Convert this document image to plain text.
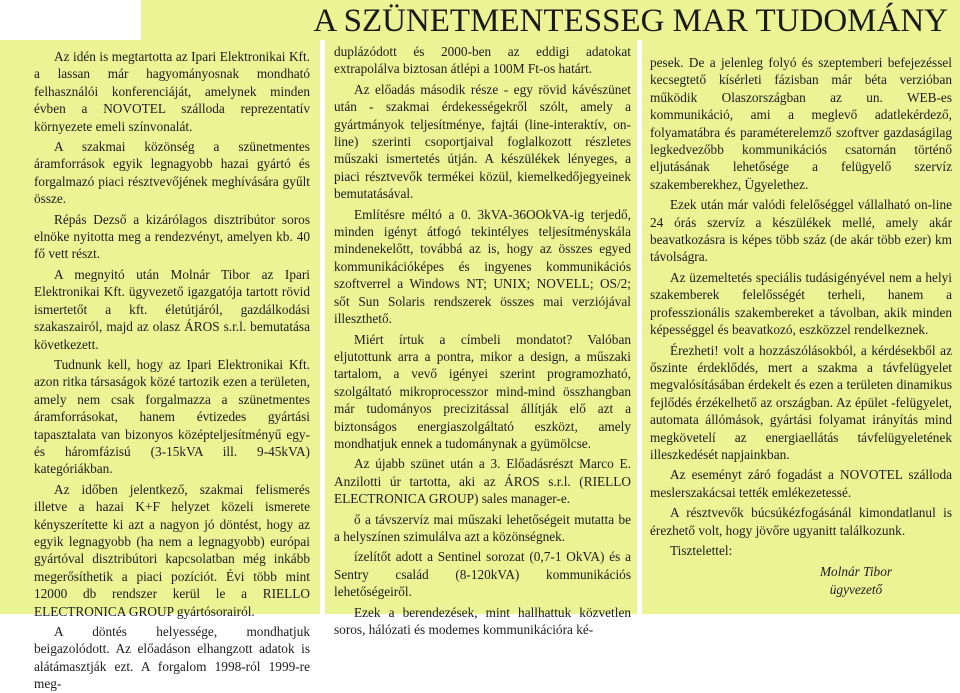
A SZÜNETMENTESSEG MAR TUDOMÁNY

Az idén is megtartotta az Ipari Elektronikai Kft. a lassan már hagyományosnak mondható felhasználói konferenciáját, amelynek minden évben a NOVOTEL szálloda reprezentatív környezete emeli színvonalát.

A szakmai közönség a szünetmentes áramforrások egyik legnagyobb hazai gyártó és forgalmazó piaci résztvevőjének meghívására gyűlt össze.

Répás Dezső a kizárólagos disztribútor soros elnöke nyitotta meg a rendezvényt, amelyen kb. 40 fő vett részt.

A megnyitó után Molnár Tibor az Ipari Elektronikai Kft. ügyvezető igazgatója tartott rövid ismertetőt a kft. életútjáról, gazdálkodási szakaszairól, majd az olasz ÁROS s.r.l. bemutatása következett.

Tudnunk kell, hogy az Ipari Elektronikai Kft. azon ritka társaságok közé tartozik ezen a területen, amely nem csak forgalmazza a szünetmentes áramforrásokat, hanem évtizedes gyártási tapasztalata van bizonyos középteljesítményű egy- és háromfázisú (3-15kVA ill. 9-45kVA) kategóriákban.

Az időben jelentkező, szakmai felismerés illetve a hazai K+F helyzet közeli ismerete kényszerítette ki azt a nagyon jó döntést, hogy az egyik legnagyobb (ha nem a legnagyobb) európai gyártóval disztribútori kapcsolatban még inkább megerősíthetik a piaci pozíciót. Évi több mint 12000 db rendszer kerül le a RIELLO ELECTRONICA GROUP gyártósorairól.

A döntés helyessége, mondhatjuk beigazolódott. Az előadáson elhangzott adatok is alátámasztják ezt. A forgalom 1998-ról 1999-re meg-

duplázódott és 2000-ben az eddigi adatokat extrapolálva biztosan átlépi a 100M Ft-os határt.

Az előadás második része - egy rövid kávészünet után - szakmai érdekességekről szólt, amely a gyártmányok teljesítménye, fajtái (line-interaktív, on-line) szerinti csoportjaival foglalkozott részletes műszaki ismertetés útján. A készülékek lényeges, a piaci résztvevők termékei közül, kiemelkedőjegyeinek bemutatásával.

Említésre méltó a 0. 3kVA-36OOkVA-ig terjedő, minden igényt átfogó tekintélyes teljesítményskála mindenekelőtt, továbbá az is, hogy az összes egyed kommunikációképes és ingyenes kommunikációs szoftverrel a Windows NT; UNIX; NOVELL; OS/2; sőt Sun Solaris rendszerek összes mai verziójával illeszthető.

Miért írtuk a címbeli mondatot? Valóban eljutottunk arra a pontra, mikor a design, a műszaki tartalom, a vevő igényei szerint programozható, szolgáltató mikroprocesszor mind-mind összhangban már tudományos precizitással állítják elő azt a biztonságos energiaszolgáltató eszközt, amely mondhatjuk ennek a tudománynak a gyümölcse.

Az újabb szünet után a 3. Előadásrészt Marco E. Anzilotti úr tartotta, aki az ÁROS s.r.l. (RIELLO ELECTRONICA GROUP) sales manager-e.

ő a távszervíz mai műszaki lehetőségeit mutatta be a helyszínen szimulálva azt a közönségnek.

ízelítőt adott a Sentinel sorozat (0,7-1 OkVA) és a Sentry család (8-120kVA) kommunikációs lehetőségeiről.

Ezek a berendezések, mint hallhattuk közvetlen soros, hálózati és modemes kommunikációra ké-

pesek. De a jelenleg folyó és szeptemberi befejezéssel kecsegtető kísérleti fázisban már béta verzióban működik Olaszországban az un. WEB-es kommunikáció, ami a meglevő adatlekérdező, folyamatábra és paraméterelemző szoftver gazdaságilag legkedvezőbb kommunikációs csatornán történő eljutásának lehetősége a felügyelő szervíz szakemberekhez, Ügyelethez.

Ezek után már valódi felelőséggel vállalható on-line 24 órás szervíz a készülékek mellé, amely akár beavatkozásra is képes több száz (de akár több ezer) km távolságra.

Az üzemeltetés speciális tudásigényével nem a helyi szakemberek felelősségét terheli, hanem a professzionális szakembereket a távolban, akik minden képességgel és beavatkozó, eszközzel rendelkeznek.

Érezheti! volt a hozzászólásokból, a kérdésekből az őszinte érdeklődés, mert a szakma a távfelügyelet megvalósításában érdekelt és ezen a területen dinamikus fejlődés érzékelhető az országban. Az épület -felügyelet, automata állómások, gyártási folyamat irányítás mind megkövetelí az energiaellátás távfelügyeletének illeszkedését napjainkban.

Az eseményt záró fogadást a NOVOTEL szálloda meslerszakácsai tették emlékezetessé.

A résztvevők búcsúkézfogásánál kimondatlanul is érezhető volt, hogy jövőre ugyanitt találkozunk.

Tisztelettel:

Molnár Tibor
ügyvezető
